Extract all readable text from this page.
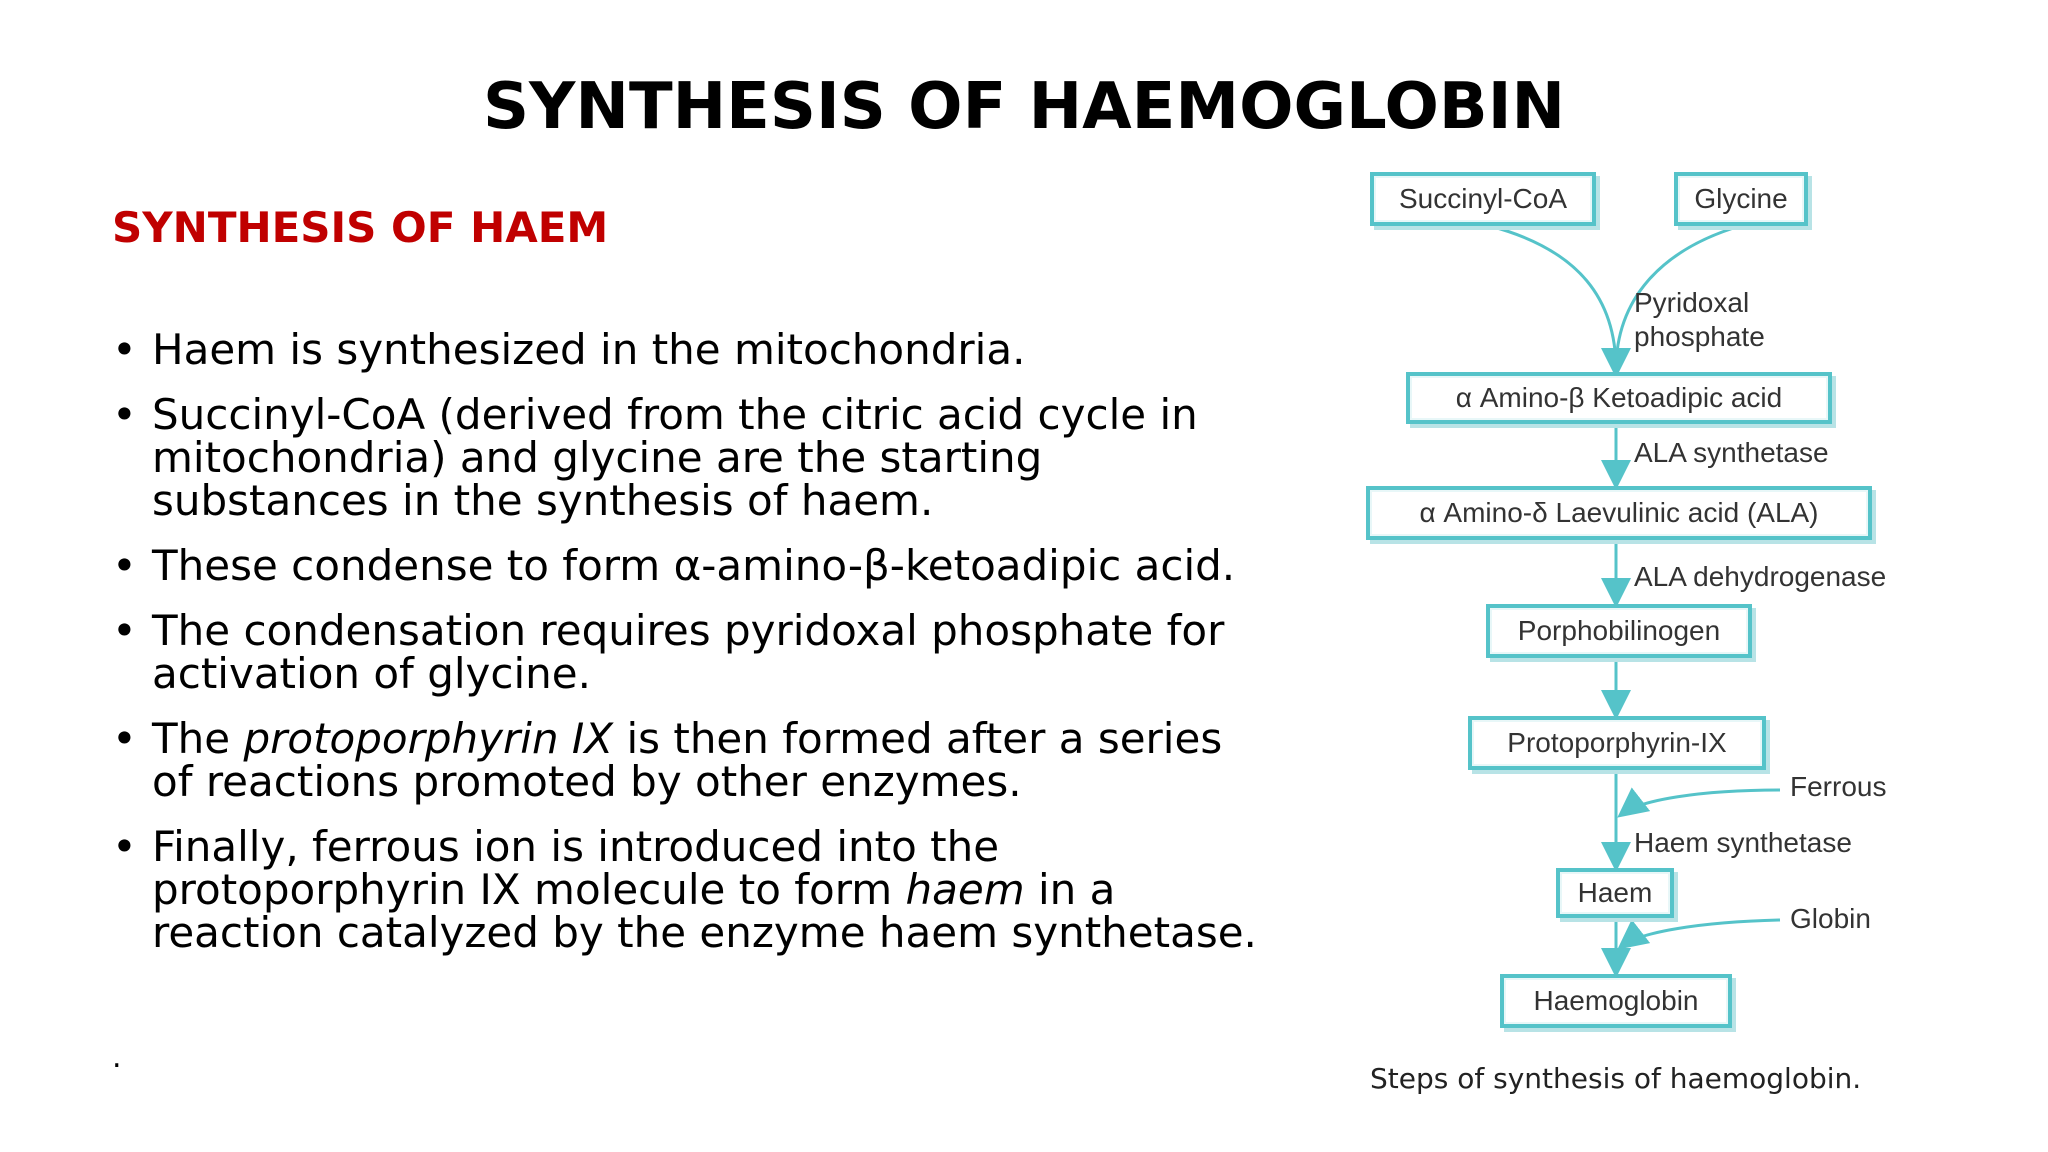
SYNTHESIS OF HAEMOGLOBIN
SYNTHESIS OF HAEM
• Haem is synthesized in the mitochondria.
• Succinyl-CoA (derived from the citric acid cycle in mitochondria) and glycine are the starting substances in the synthesis of haem.
• These condense to form α-amino-β-ketoadipic acid.
• The condensation requires pyridoxal phosphate for activation of glycine.
• The protoporphyrin IX is then formed after a series of reactions promoted by other enzymes.
• Finally, ferrous ion is introduced into the protoporphyrin IX molecule to form haem in a reaction catalyzed by the enzyme haem synthetase.
.
Succinyl-CoA	Glycine
Pyridoxal
phosphate
α Amino-β Ketoadipic acid
ALA synthetase
α Amino-δ Laevulinic acid (ALA)
ALA dehydrogenase
Porphobilinogen
Protoporphyrin-IX
Ferrous
Haem synthetase
Haem
Globin
Haemoglobin
Steps of synthesis of haemoglobin.
